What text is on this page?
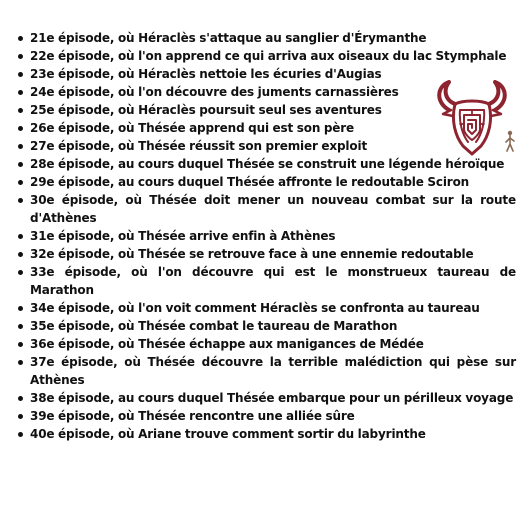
21e épisode, où Héraclès s'attaque au sanglier d'Érymanthe
22e épisode, où l'on apprend ce qui arriva aux oiseaux du lac Stymphale
23e épisode, où Héraclès nettoie les écuries d'Augias
24e épisode, où l'on découvre des juments carnassières
25e épisode, où Héraclès poursuit seul ses aventures
26e épisode, où Thésée apprend qui est son père
27e épisode, où Thésée réussit son premier exploit
28e épisode, au cours duquel Thésée se construit une légende héroïque
29e épisode, au cours duquel Thésée affronte le redoutable Sciron
30e épisode, où Thésée doit mener un nouveau combat sur la route d'Athènes
31e épisode, où Thésée arrive enfin à Athènes
32e épisode, où Thésée se retrouve face à une ennemie redoutable
33e épisode, où l'on découvre qui est le monstrueux taureau de Marathon
34e épisode, où l'on voit comment Héraclès se confronta au taureau
35e épisode, où Thésée combat le taureau de Marathon
36e épisode, où Thésée échappe aux manigances de Médée
37e épisode, où Thésée découvre la terrible malédiction qui pèse sur Athènes
38e épisode, au cours duquel Thésée embarque pour un périlleux voyage
39e épisode, où Thésée rencontre une alliée sûre
40e épisode, où Ariane trouve comment sortir du labyrinthe
